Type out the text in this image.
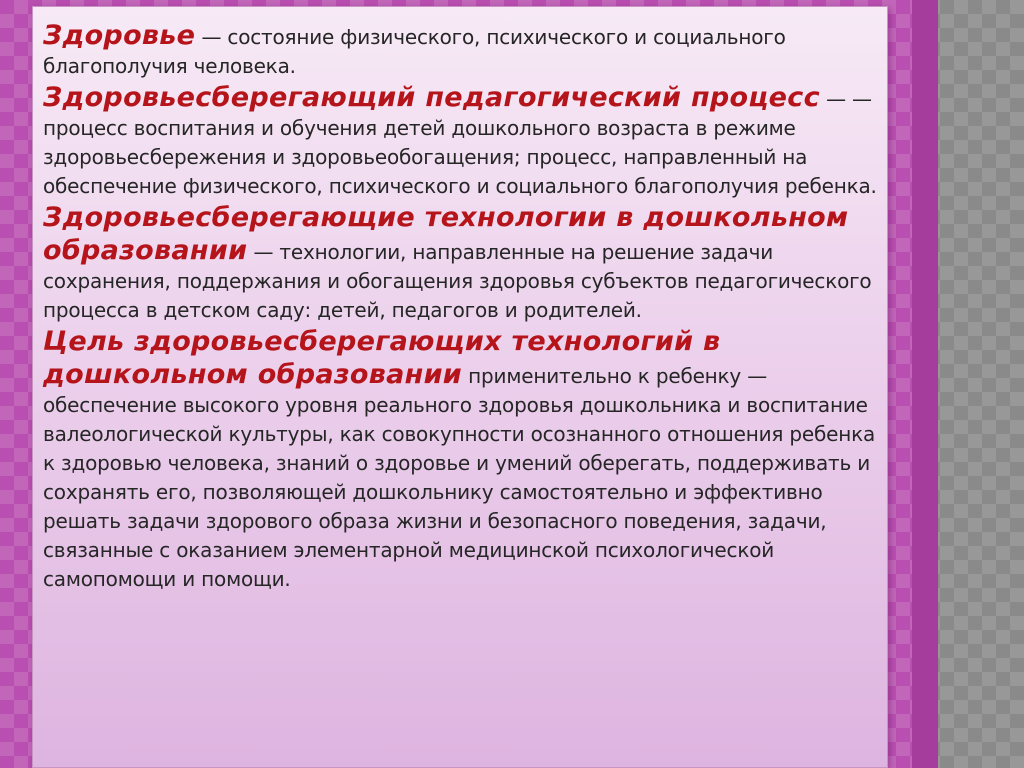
Здоровье — состояние физического, психического и социального благополучия человека.

Здоровьесберегающий педагогический процесс — — процесс воспитания и обучения детей дошкольного возраста в режиме здоровьесбережения и здоровьеобогащения; процесс, направленный на обеспечение физического, психического и социального благополучия ребенка.

Здоровьесберегающие технологии в дошкольном образовании — технологии, направленные на решение задачи сохранения, поддержания и обогащения здоровья субъектов педагогического процесса в детском саду: детей, педагогов и родителей.

Цель здоровьесберегающих технологий в дошкольном образовании применительно к ребенку — обеспечение высокого уровня реального здоровья дошкольника и воспитание валеологической культуры, как совокупности осознанного отношения ребенка к здоровью человека, знаний о здоровье и умений оберегать, поддерживать и сохранять его, позволяющей дошкольнику самостоятельно и эффективно решать задачи здорового образа жизни и безопасного поведения, задачи, связанные с оказанием элементарной медицинской психологической самопомощи и помощи.
